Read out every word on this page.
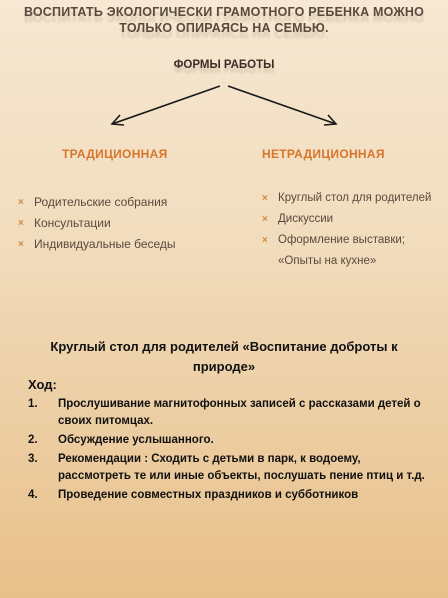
ВОСПИТАТЬ ЭКОЛОГИЧЕСКИ ГРАМОТНОГО РЕБЕНКА МОЖНО
ТОЛЬКО ОПИРАЯСЬ НА СЕМЬЮ.
ФОРМЫ РАБОТЫ
ТРАДИЦИОННАЯ	НЕТРАДИЦИОННАЯ
× Родительские собрания
× Консультации
× Индивидуальные беседы
× Круглый стол для родителей
× Дискуссии
× Оформление выставки; «Опыты на кухне»
Круглый стол для родителей «Воспитание доброты к природе»
Ход:
1. Прослушивание магнитофонных записей с рассказами детей о своих питомцах.
2. Обсуждение услышанного.
3. Рекомендации : Сходить с детьми в парк, к водоему, рассмотреть те или иные объекты, послушать пение птиц и т.д.
4. Проведение совместных праздников и субботников
